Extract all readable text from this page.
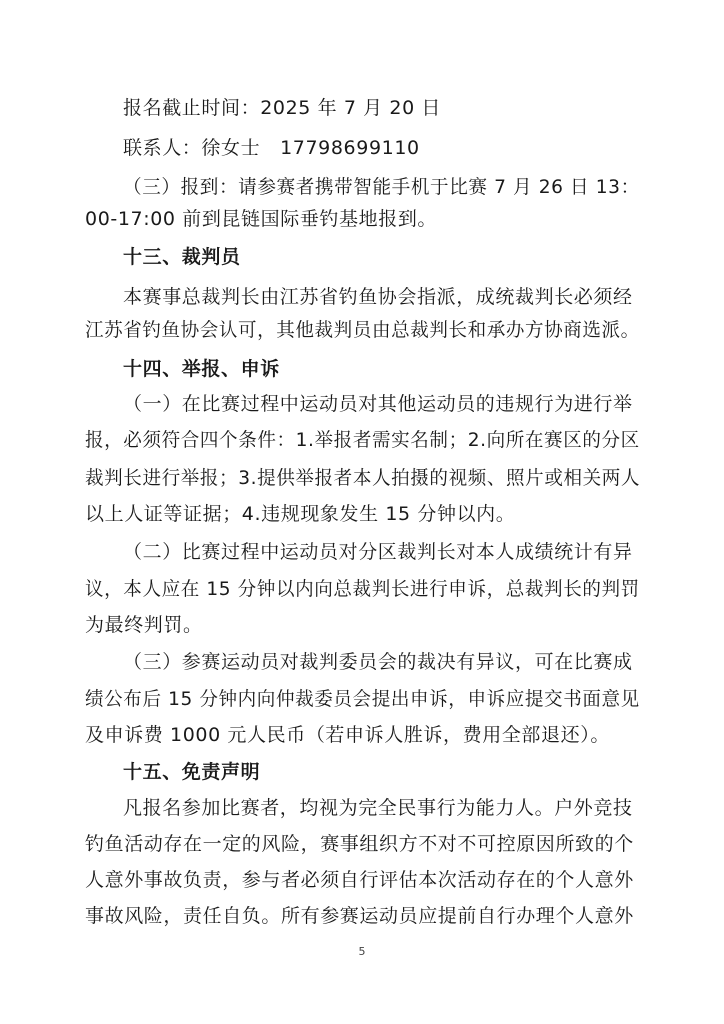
报名截止时间：2025 年 7 月 20 日

联系人：徐女士   17798699110

（三）报到：请参赛者携带智能手机于比赛 7 月 26 日 13：

00-17:00 前到昆链国际垂钓基地报到。

十三、裁判员

本赛事总裁判长由江苏省钓鱼协会指派，成统裁判长必须经

江苏省钓鱼协会认可，其他裁判员由总裁判长和承办方协商选派。

十四、举报、申诉

（一）在比赛过程中运动员对其他运动员的违规行为进行举

报，必须符合四个条件：1.举报者需实名制；2.向所在赛区的分区

裁判长进行举报；3.提供举报者本人拍摄的视频、照片或相关两人

以上人证等证据；4.违规现象发生 15 分钟以内。

（二）比赛过程中运动员对分区裁判长对本人成绩统计有异

议，本人应在 15 分钟以内向总裁判长进行申诉，总裁判长的判罚

为最终判罚。

（三）参赛运动员对裁判委员会的裁决有异议，可在比赛成

绩公布后 15 分钟内向仲裁委员会提出申诉，申诉应提交书面意见

及申诉费 1000 元人民币（若申诉人胜诉，费用全部退还）。

十五、免责声明

凡报名参加比赛者，均视为完全民事行为能力人。户外竞技

钓鱼活动存在一定的风险，赛事组织方不对不可控原因所致的个

人意外事故负责，参与者必须自行评估本次活动存在的个人意外

事故风险，责任自负。所有参赛运动员应提前自行办理个人意外

5
